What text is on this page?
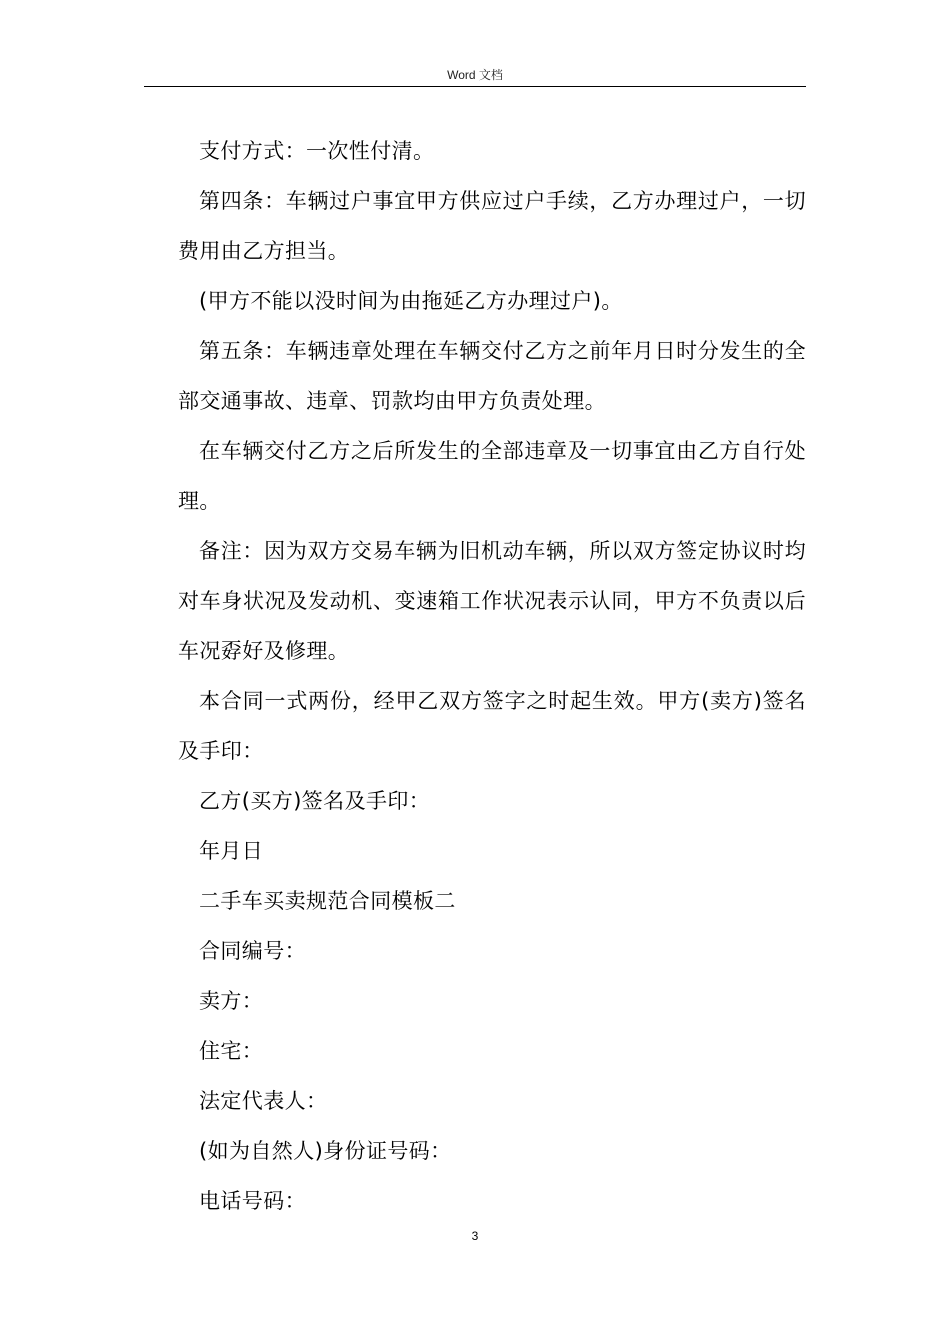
Word 文档

支付方式：一次性付清。

第四条：车辆过户事宜甲方供应过户手续，乙方办理过户，一切费用由乙方担当。

(甲方不能以没时间为由拖延乙方办理过户)。

第五条：车辆违章处理在车辆交付乙方之前年月日时分发生的全部交通事故、违章、罚款均由甲方负责处理。

在车辆交付乙方之后所发生的全部违章及一切事宜由乙方自行处理。

备注：因为双方交易车辆为旧机动车辆，所以双方签定协议时均对车身状况及发动机、变速箱工作状况表示认同，甲方不负责以后车况孬好及修理。

本合同一式两份，经甲乙双方签字之时起生效。甲方(卖方)签名及手印：

乙方(买方)签名及手印：

年月日

二手车买卖规范合同模板二

合同编号：

卖方：

住宅：

法定代表人：

(如为自然人)身份证号码：

电话号码：

3
